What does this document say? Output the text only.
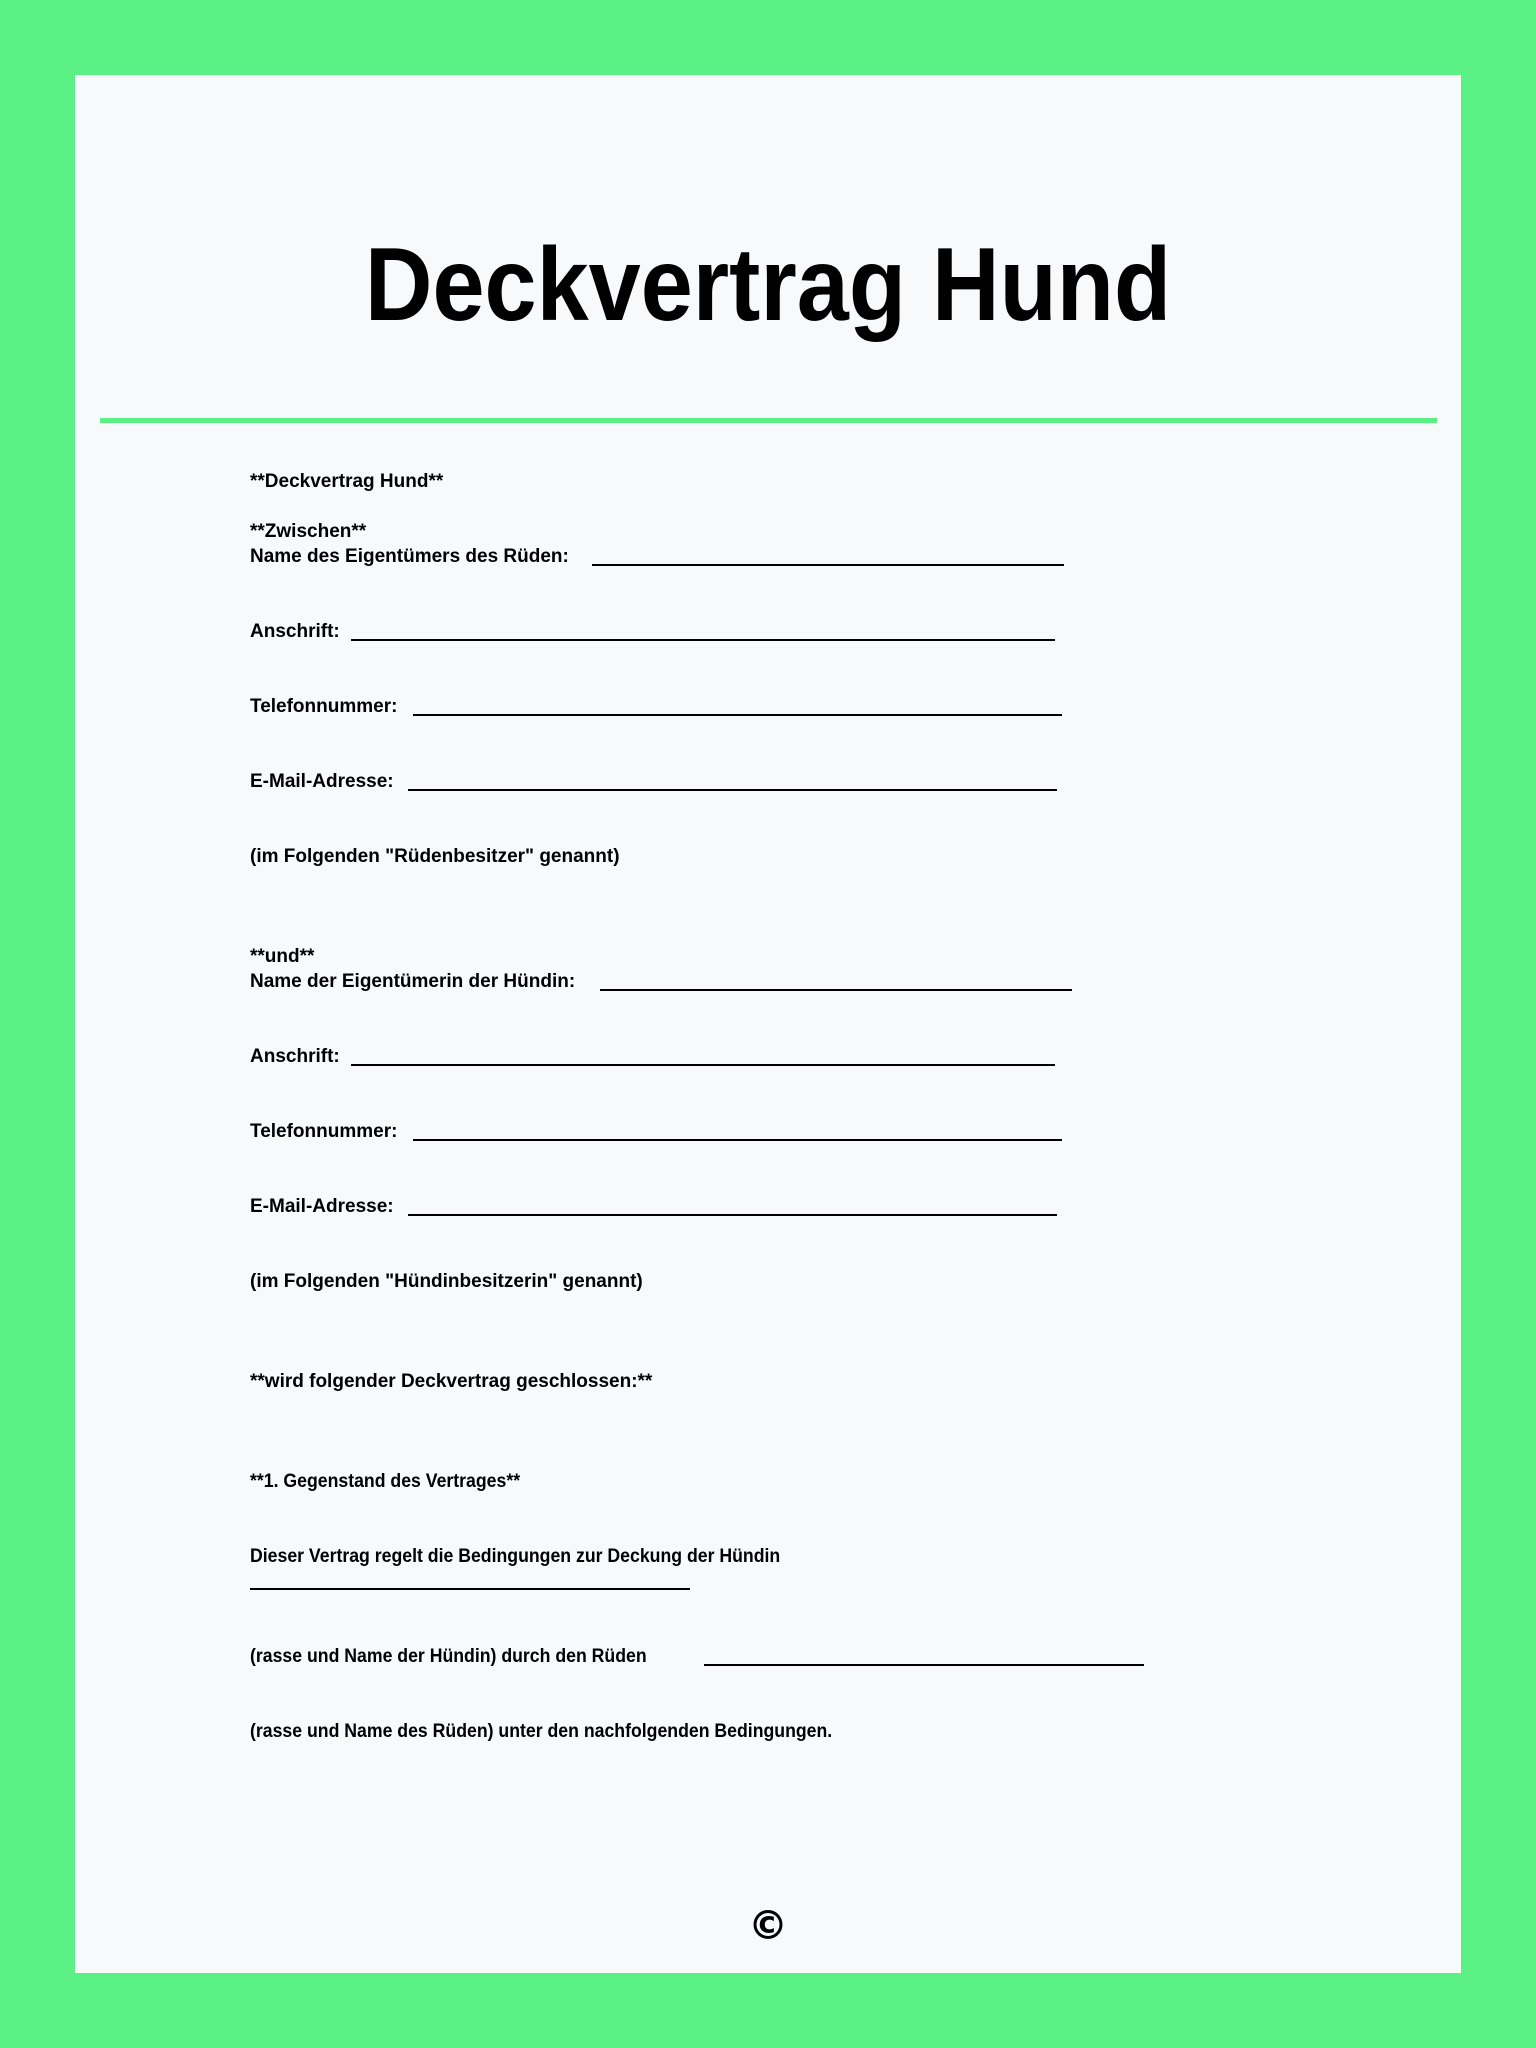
Deckvertrag Hund
**Deckvertrag Hund**
**Zwischen**
Name des Eigentümers des Rüden:
Anschrift:
Telefonnummer:
E-Mail-Adresse:
(im Folgenden "Rüdenbesitzer" genannt)
**und**
Name der Eigentümerin der Hündin:
Anschrift:
Telefonnummer:
E-Mail-Adresse:
(im Folgenden "Hündinbesitzerin" genannt)
**wird folgender Deckvertrag geschlossen:**
**1. Gegenstand des Vertrages**
Dieser Vertrag regelt die Bedingungen zur Deckung der Hündin
(rasse und Name der Hündin) durch den Rüden
(rasse und Name des Rüden) unter den nachfolgenden Bedingungen.
©
